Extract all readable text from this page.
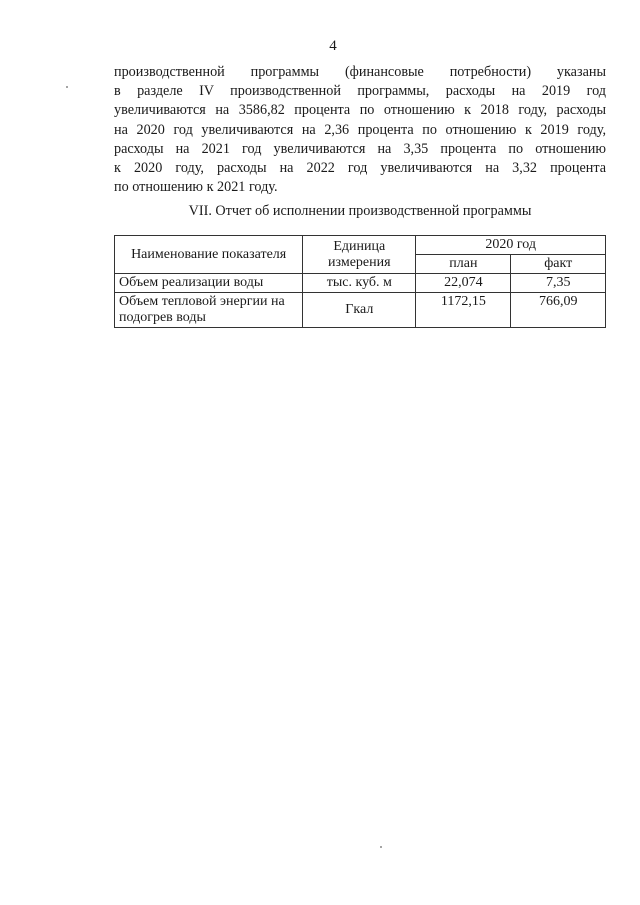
4
производственной программы (финансовые потребности) указаны
в разделе IV производственной программы, расходы на 2019 год
увеличиваются на 3586,82 процента по отношению к 2018 году, расходы
на 2020 год увеличиваются на 2,36 процента по отношению к 2019 году,
расходы на 2021 год увеличиваются на 3,35 процента по отношению
к 2020 году, расходы на 2022 год увеличиваются на 3,32 процента
по отношению к 2021 году.
VII. Отчет об исполнении производственной программы
Наименование показателя	Единица измерения	2020 год	
		план	факт
Объем реализации воды	тыс. куб. м	22,074	7,35
Объем тепловой энергии на подогрев воды	Гкал	1172,15	766,09
